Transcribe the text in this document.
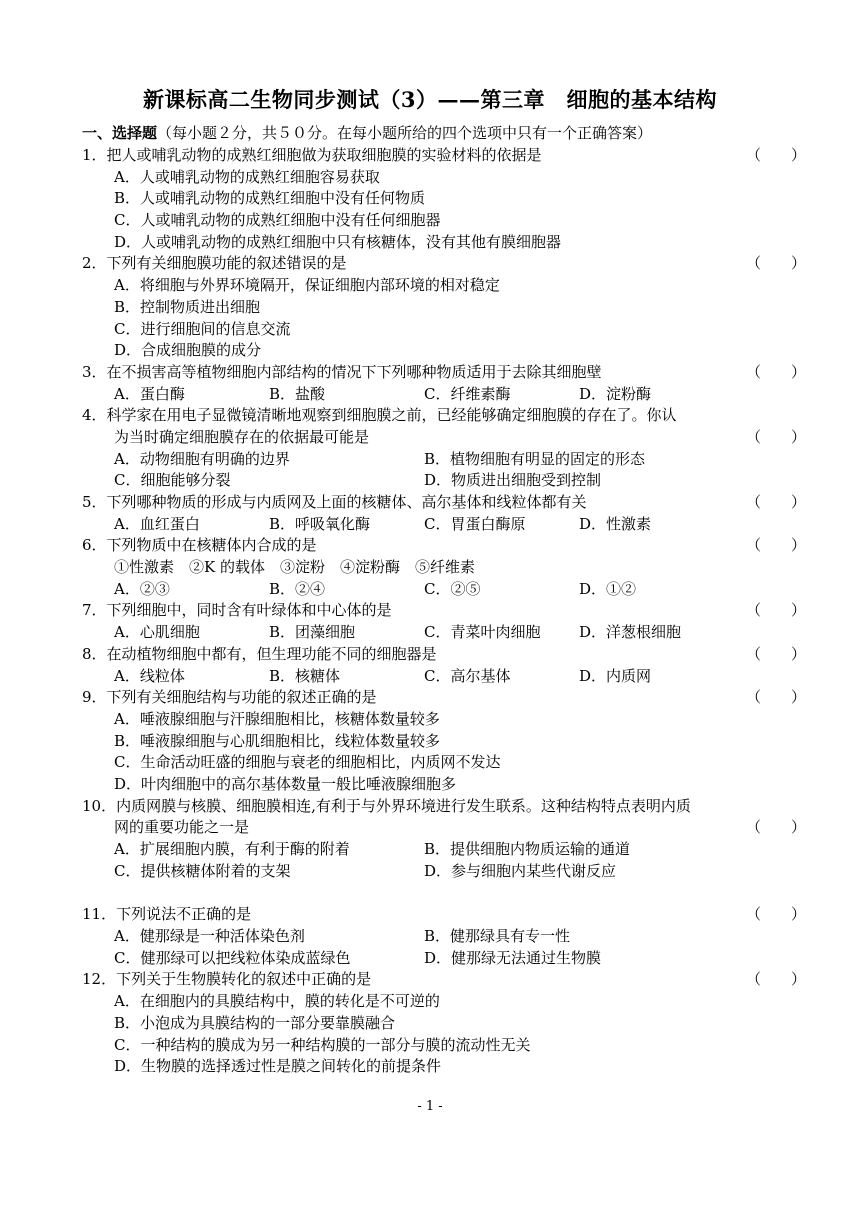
新课标高二生物同步测试（3）——第三章　细胞的基本结构
一、选择题（每小题２分，共５０分。在每小题所给的四个选项中只有一个正确答案）
1．把人或哺乳动物的成熟红细胞做为获取细胞膜的实验材料的依据是	（　　）
A．人或哺乳动物的成熟红细胞容易获取
B．人或哺乳动物的成熟红细胞中没有任何物质
C．人或哺乳动物的成熟红细胞中没有任何细胞器
D．人或哺乳动物的成熟红细胞中只有核糖体，没有其他有膜细胞器
2．下列有关细胞膜功能的叙述错误的是	（　　）
A．将细胞与外界环境隔开，保证细胞内部环境的相对稳定
B．控制物质进出细胞
C．进行细胞间的信息交流
D．合成细胞膜的成分
3．在不损害高等植物细胞内部结构的情况下下列哪种物质适用于去除其细胞壁	（　　）
A．蛋白酶	B．盐酸	C．纤维素酶	D．淀粉酶
4．科学家在用电子显微镜清晰地观察到细胞膜之前，已经能够确定细胞膜的存在了。你认
为当时确定细胞膜存在的依据最可能是	（　　）
A．动物细胞有明确的边界	B．植物细胞有明显的固定的形态
C．细胞能够分裂	D．物质进出细胞受到控制
5．下列哪种物质的形成与内质网及上面的核糖体、高尔基体和线粒体都有关	（　　）
A．血红蛋白	B．呼吸氧化酶	C．胃蛋白酶原	D．性激素
6．下列物质中在核糖体内合成的是	（　　）
①性激素　②K 的载体　③淀粉　④淀粉酶　⑤纤维素
A．②③	B．②④	C．②⑤	D．①②
7．下列细胞中，同时含有叶绿体和中心体的是	（　　）
A．心肌细胞	B．团藻细胞	C．青菜叶肉细胞	D．洋葱根细胞
8．在动植物细胞中都有，但生理功能不同的细胞器是	（　　）
A．线粒体	B．核糖体	C．高尔基体	D．内质网
9．下列有关细胞结构与功能的叙述正确的是	（　　）
A．唾液腺细胞与汗腺细胞相比，核糖体数量较多
B．唾液腺细胞与心肌细胞相比，线粒体数量较多
C．生命活动旺盛的细胞与衰老的细胞相比，内质网不发达
D．叶肉细胞中的高尔基体数量一般比唾液腺细胞多
10．内质网膜与核膜、细胞膜相连,有利于与外界环境进行发生联系。这种结构特点表明内质
网的重要功能之一是	（　　）
A．扩展细胞内膜，有利于酶的附着	B．提供细胞内物质运输的通道
C．提供核糖体附着的支架	D．参与细胞内某些代谢反应
11．下列说法不正确的是	（　　）
A．健那绿是一种活体染色剂	B．健那绿具有专一性
C．健那绿可以把线粒体染成蓝绿色	D．健那绿无法通过生物膜
12．下列关于生物膜转化的叙述中正确的是	（　　）
A．在细胞内的具膜结构中，膜的转化是不可逆的
B．小泡成为具膜结构的一部分要靠膜融合
C．一种结构的膜成为另一种结构膜的一部分与膜的流动性无关
D．生物膜的选择透过性是膜之间转化的前提条件
- 1 -
